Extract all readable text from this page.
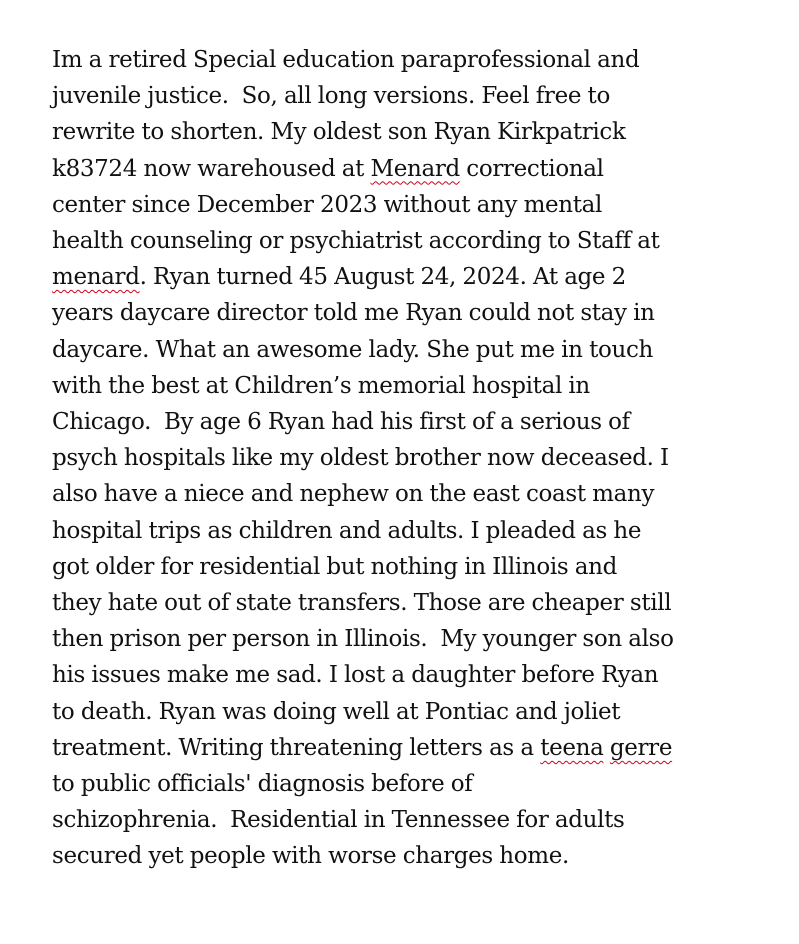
Im a retired Special education paraprofessional and
juvenile justice.  So, all long versions. Feel free to
rewrite to shorten. My oldest son Ryan Kirkpatrick
k83724 now warehoused at Menard correctional
center since December 2023 without any mental
health counseling or psychiatrist according to Staff at
menard. Ryan turned 45 August 24, 2024. At age 2
years daycare director told me Ryan could not stay in
daycare. What an awesome lady. She put me in touch
with the best at Children’s memorial hospital in
Chicago.  By age 6 Ryan had his first of a serious of
psych hospitals like my oldest brother now deceased. I
also have a niece and nephew on the east coast many
hospital trips as children and adults. I pleaded as he
got older for residential but nothing in Illinois and
they hate out of state transfers. Those are cheaper still
then prison per person in Illinois.  My younger son also
his issues make me sad. I lost a daughter before Ryan
to death. Ryan was doing well at Pontiac and joliet
treatment. Writing threatening letters as a teena gerre
to public officials' diagnosis before of
schizophrenia.  Residential in Tennessee for adults
secured yet people with worse charges home.
